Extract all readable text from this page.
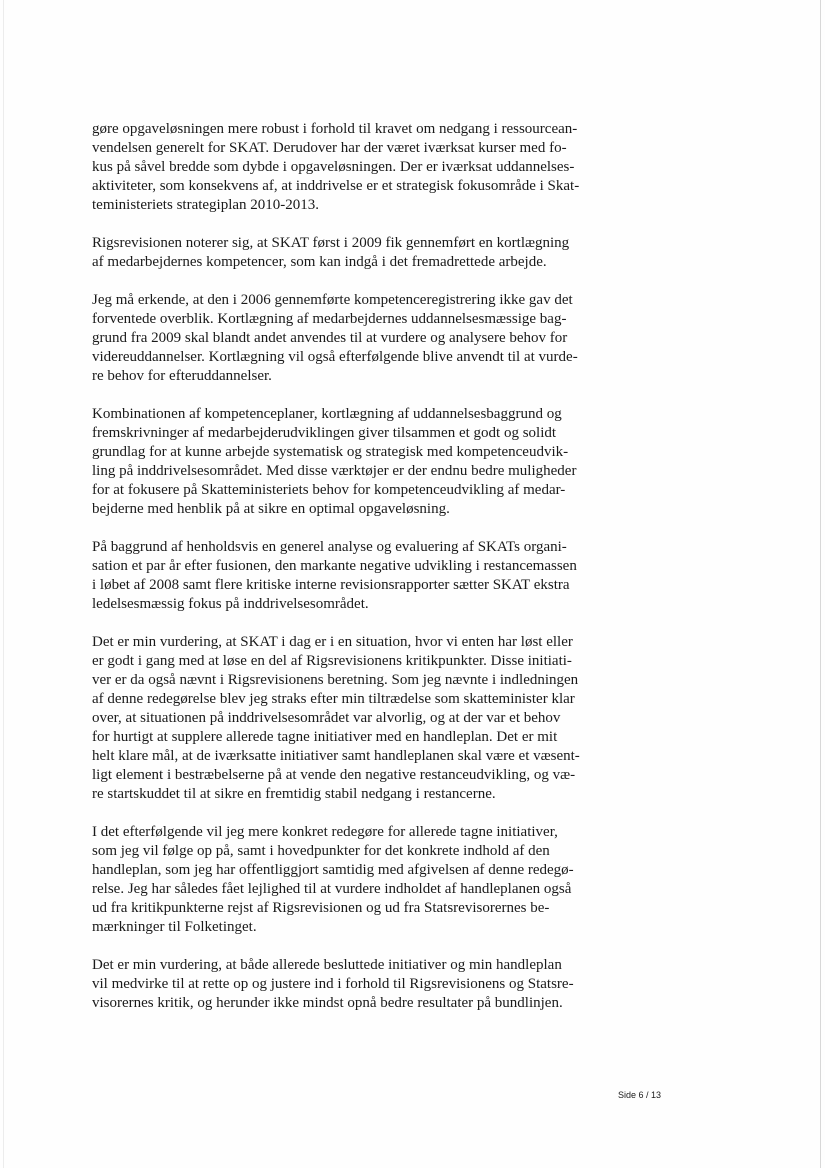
gøre opgaveløsningen mere robust i forhold til kravet om nedgang i ressourcean-
vendelsen generelt for SKAT. Derudover har der været iværksat kurser med fo-
kus på såvel bredde som dybde i opgaveløsningen. Der er iværksat uddannelses-
aktiviteter, som konsekvens af, at inddrivelse er et strategisk fokusområde i Skat-
teministeriets strategiplan 2010-2013.

Rigsrevisionen noterer sig, at SKAT først i 2009 fik gennemført en kortlægning
af medarbejdernes kompetencer, som kan indgå i det fremadrettede arbejde.

Jeg må erkende, at den i 2006 gennemførte kompetenceregistrering ikke gav det
forventede overblik. Kortlægning af medarbejdernes uddannelsesmæssige bag-
grund fra 2009 skal blandt andet anvendes til at vurdere og analysere behov for
videreuddannelser. Kortlægning vil også efterfølgende blive anvendt til at vurde-
re behov for efteruddannelser.

Kombinationen af kompetenceplaner, kortlægning af uddannelsesbaggrund og
fremskrivninger af medarbejderudviklingen giver tilsammen et godt og solidt
grundlag for at kunne arbejde systematisk og strategisk med kompetenceudvik-
ling på inddrivelsesområdet. Med disse værktøjer er der endnu bedre muligheder
for at fokusere på Skatteministeriets behov for kompetenceudvikling af medar-
bejderne med henblik på at sikre en optimal opgaveløsning.

På baggrund af henholdsvis en generel analyse og evaluering af SKATs organi-
sation et par år efter fusionen, den markante negative udvikling i restancemassen
i løbet af 2008 samt flere kritiske interne revisionsrapporter sætter SKAT ekstra
ledelsesmæssig fokus på inddrivelsesområdet.

Det er min vurdering, at SKAT i dag er i en situation, hvor vi enten har løst eller
er godt i gang med at løse en del af Rigsrevisionens kritikpunkter. Disse initiati-
ver er da også nævnt i Rigsrevisionens beretning. Som jeg nævnte i indledningen
af denne redegørelse blev jeg straks efter min tiltrædelse som skatteminister klar
over, at situationen på inddrivelsesområdet var alvorlig, og at der var et behov
for hurtigt at supplere allerede tagne initiativer med en handleplan. Det er mit
helt klare mål, at de iværksatte initiativer samt handleplanen skal være et væsent-
ligt element i bestræbelserne på at vende den negative restanceudvikling, og væ-
re startskuddet til at sikre en fremtidig stabil nedgang i restancerne.

I det efterfølgende vil jeg mere konkret redegøre for allerede tagne initiativer,
som jeg vil følge op på, samt i hovedpunkter for det konkrete indhold af den
handleplan, som jeg har offentliggjort samtidig med afgivelsen af denne redegø-
relse. Jeg har således fået lejlighed til at vurdere indholdet af handleplanen også
ud fra kritikpunkterne rejst af Rigsrevisionen og ud fra Statsrevisorernes be-
mærkninger til Folketinget.

Det er min vurdering, at både allerede besluttede initiativer og min handleplan
vil medvirke til at rette op og justere ind i forhold til Rigsrevisionens og Statsre-
visorernes kritik, og herunder ikke mindst opnå bedre resultater på bundlinjen.

Side 6 / 13
